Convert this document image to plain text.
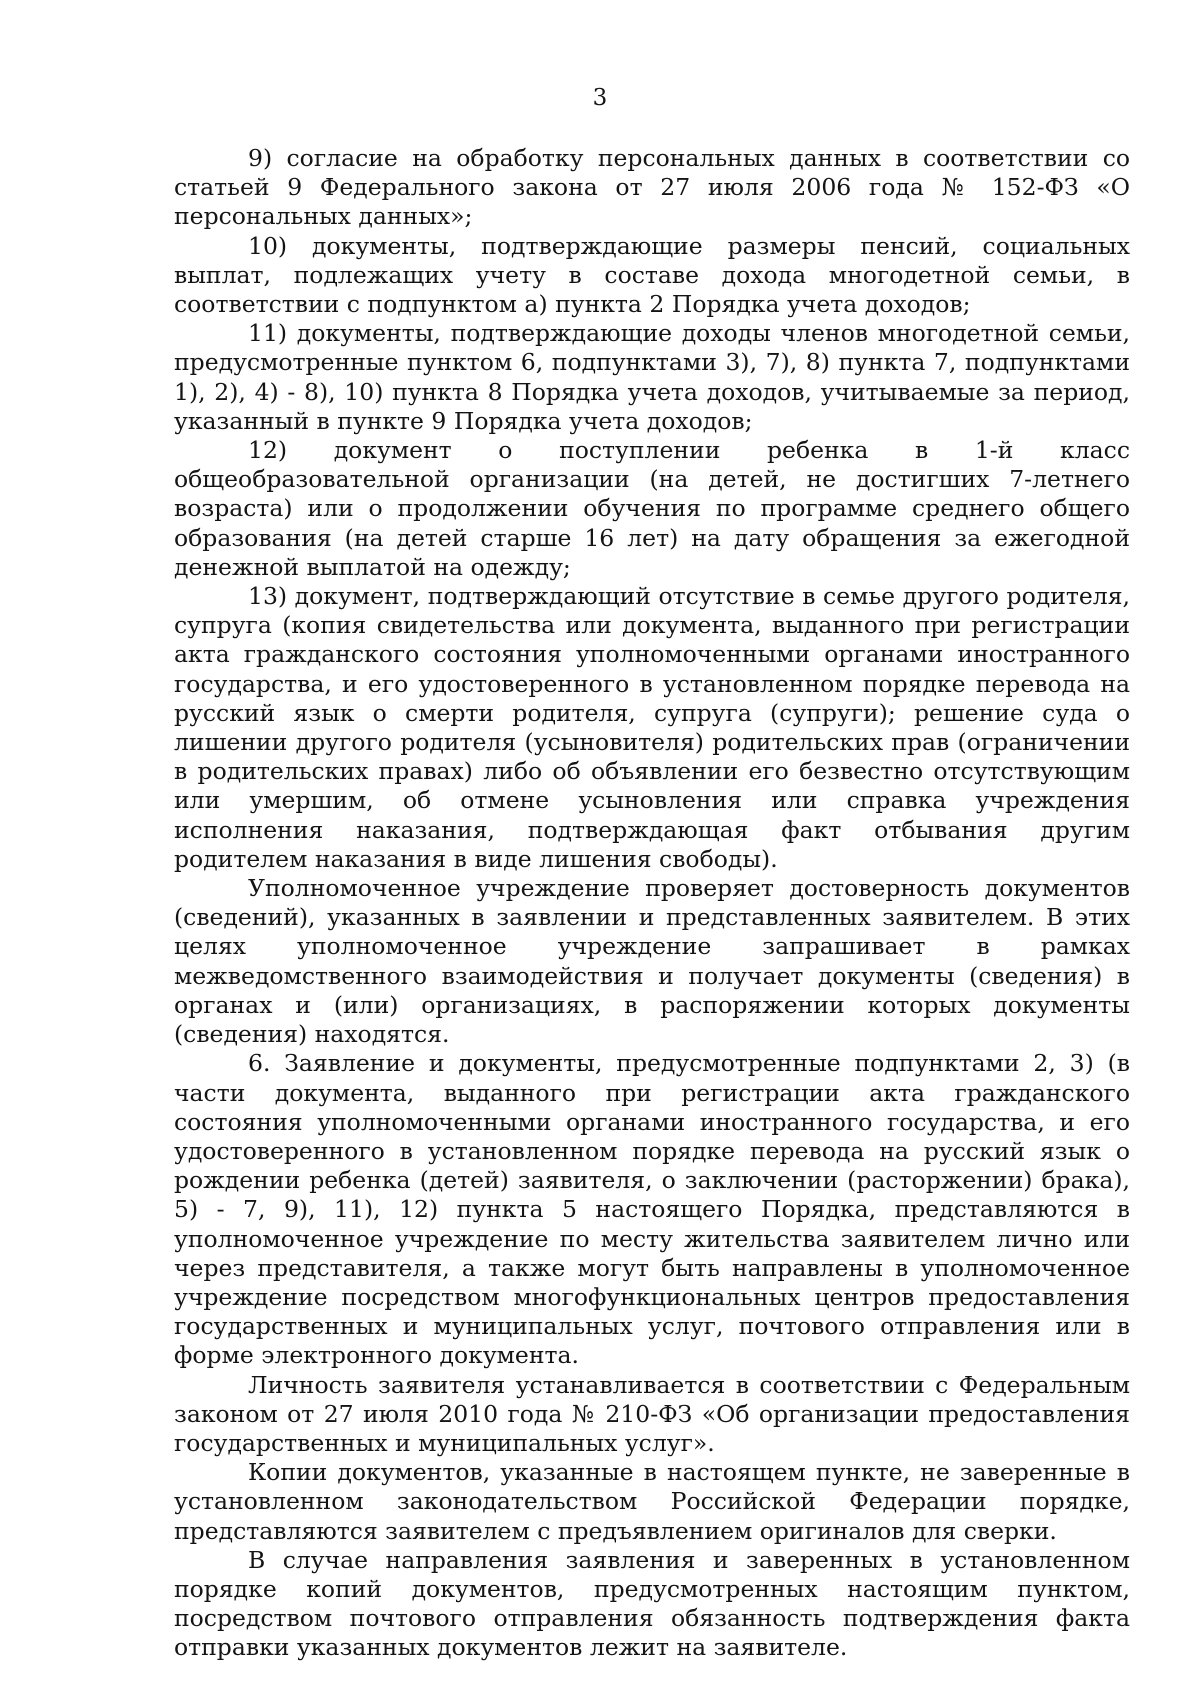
3

9) согласие на обработку персональных данных в соответствии со статьей 9 Федерального закона от 27 июля 2006 года № 152-ФЗ «О персональных данных»;

10) документы, подтверждающие размеры пенсий, социальных выплат, подлежащих учету в составе дохода многодетной семьи, в соответствии с подпунктом а) пункта 2 Порядка учета доходов;

11) документы, подтверждающие доходы членов многодетной семьи, предусмотренные пунктом 6, подпунктами 3), 7), 8) пункта 7, подпунктами 1), 2), 4) - 8), 10) пункта 8 Порядка учета доходов, учитываемые за период, указанный в пункте 9 Порядка учета доходов;

12) документ о поступлении ребенка в 1-й класс общеобразовательной организации (на детей, не достигших 7-летнего возраста) или о продолжении обучения по программе среднего общего образования (на детей старше 16 лет) на дату обращения за ежегодной денежной выплатой на одежду;

13) документ, подтверждающий отсутствие в семье другого родителя, супруга (копия свидетельства или документа, выданного при регистрации акта гражданского состояния уполномоченными органами иностранного государства, и его удостоверенного в установленном порядке перевода на русский язык о смерти родителя, супруга (супруги); решение суда о лишении другого родителя (усыновителя) родительских прав (ограничении в родительских правах) либо об объявлении его безвестно отсутствующим или умершим, об отмене усыновления или справка учреждения исполнения наказания, подтверждающая факт отбывания другим родителем наказания в виде лишения свободы).

Уполномоченное учреждение проверяет достоверность документов (сведений), указанных в заявлении и представленных заявителем. В этих целях уполномоченное учреждение запрашивает в рамках межведомственного взаимодействия и получает документы (сведения) в органах и (или) организациях, в распоряжении которых документы (сведения) находятся.

6. Заявление и документы, предусмотренные подпунктами 2, 3) (в части документа, выданного при регистрации акта гражданского состояния уполномоченными органами иностранного государства, и его удостоверенного в установленном порядке перевода на русский язык о рождении ребенка (детей) заявителя, о заключении (расторжении) брака), 5) - 7, 9), 11), 12) пункта 5 настоящего Порядка, представляются в уполномоченное учреждение по месту жительства заявителем лично или через представителя, а также могут быть направлены в уполномоченное учреждение посредством многофункциональных центров предоставления государственных и муниципальных услуг, почтового отправления или в форме электронного документа.

Личность заявителя устанавливается в соответствии с Федеральным законом от 27 июля 2010 года № 210-ФЗ «Об организации предоставления государственных и муниципальных услуг».

Копии документов, указанные в настоящем пункте, не заверенные в установленном законодательством Российской Федерации порядке, представляются заявителем с предъявлением оригиналов для сверки.

В случае направления заявления и заверенных в установленном порядке копий документов, предусмотренных настоящим пунктом, посредством почтового отправления обязанность подтверждения факта отправки указанных документов лежит на заявителе.
